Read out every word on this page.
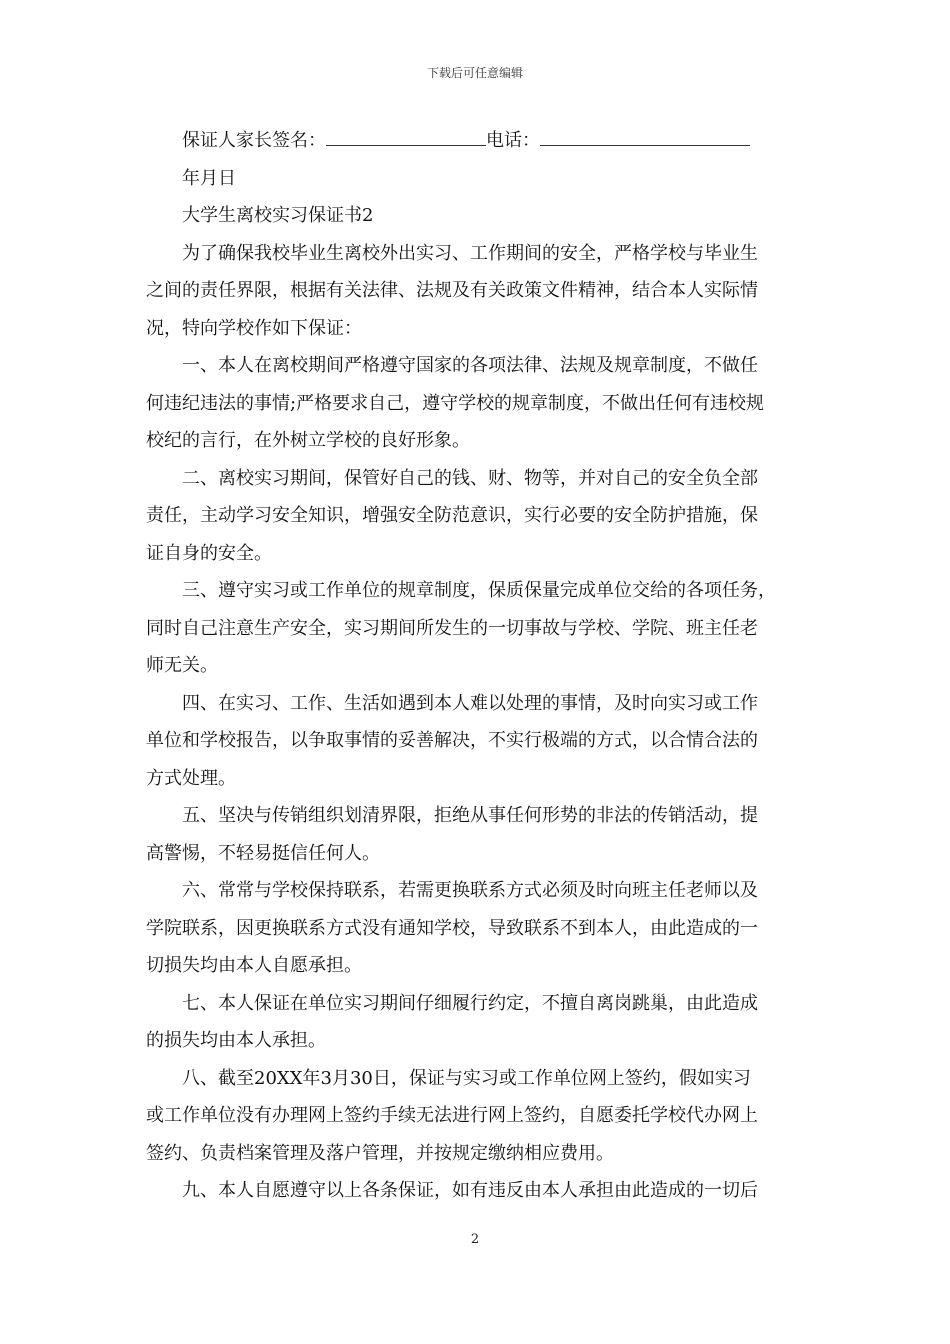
下载后可任意编辑
保证人家长签名：	电话：
年月日
大学生离校实习保证书2
为了确保我校毕业生离校外出实习、工作期间的安全，严格学校与毕业生
之间的责任界限，根据有关法律、法规及有关政策文件精神，结合本人实际情
况，特向学校作如下保证：
一、本人在离校期间严格遵守国家的各项法律、法规及规章制度，不做任
何违纪违法的事情;严格要求自己，遵守学校的规章制度，不做出任何有违校规
校纪的言行，在外树立学校的良好形象。
二、离校实习期间，保管好自己的钱、财、物等，并对自己的安全负全部
责任，主动学习安全知识，增强安全防范意识，实行必要的安全防护措施，保
证自身的安全。
三、遵守实习或工作单位的规章制度，保质保量完成单位交给的各项任务，
同时自己注意生产安全，实习期间所发生的一切事故与学校、学院、班主任老
师无关。
四、在实习、工作、生活如遇到本人难以处理的事情，及时向实习或工作
单位和学校报告，以争取事情的妥善解决，不实行极端的方式，以合情合法的
方式处理。
五、坚决与传销组织划清界限，拒绝从事任何形势的非法的传销活动，提
高警惕，不轻易挺信任何人。
六、常常与学校保持联系，若需更换联系方式必须及时向班主任老师以及
学院联系，因更换联系方式没有通知学校，导致联系不到本人，由此造成的一
切损失均由本人自愿承担。
七、本人保证在单位实习期间仔细履行约定，不擅自离岗跳巢，由此造成
的损失均由本人承担。
八、截至20XX年3月30日，保证与实习或工作单位网上签约，假如实习
或工作单位没有办理网上签约手续无法进行网上签约，自愿委托学校代办网上
签约、负责档案管理及落户管理，并按规定缴纳相应费用。
九、本人自愿遵守以上各条保证，如有违反由本人承担由此造成的一切后
2
